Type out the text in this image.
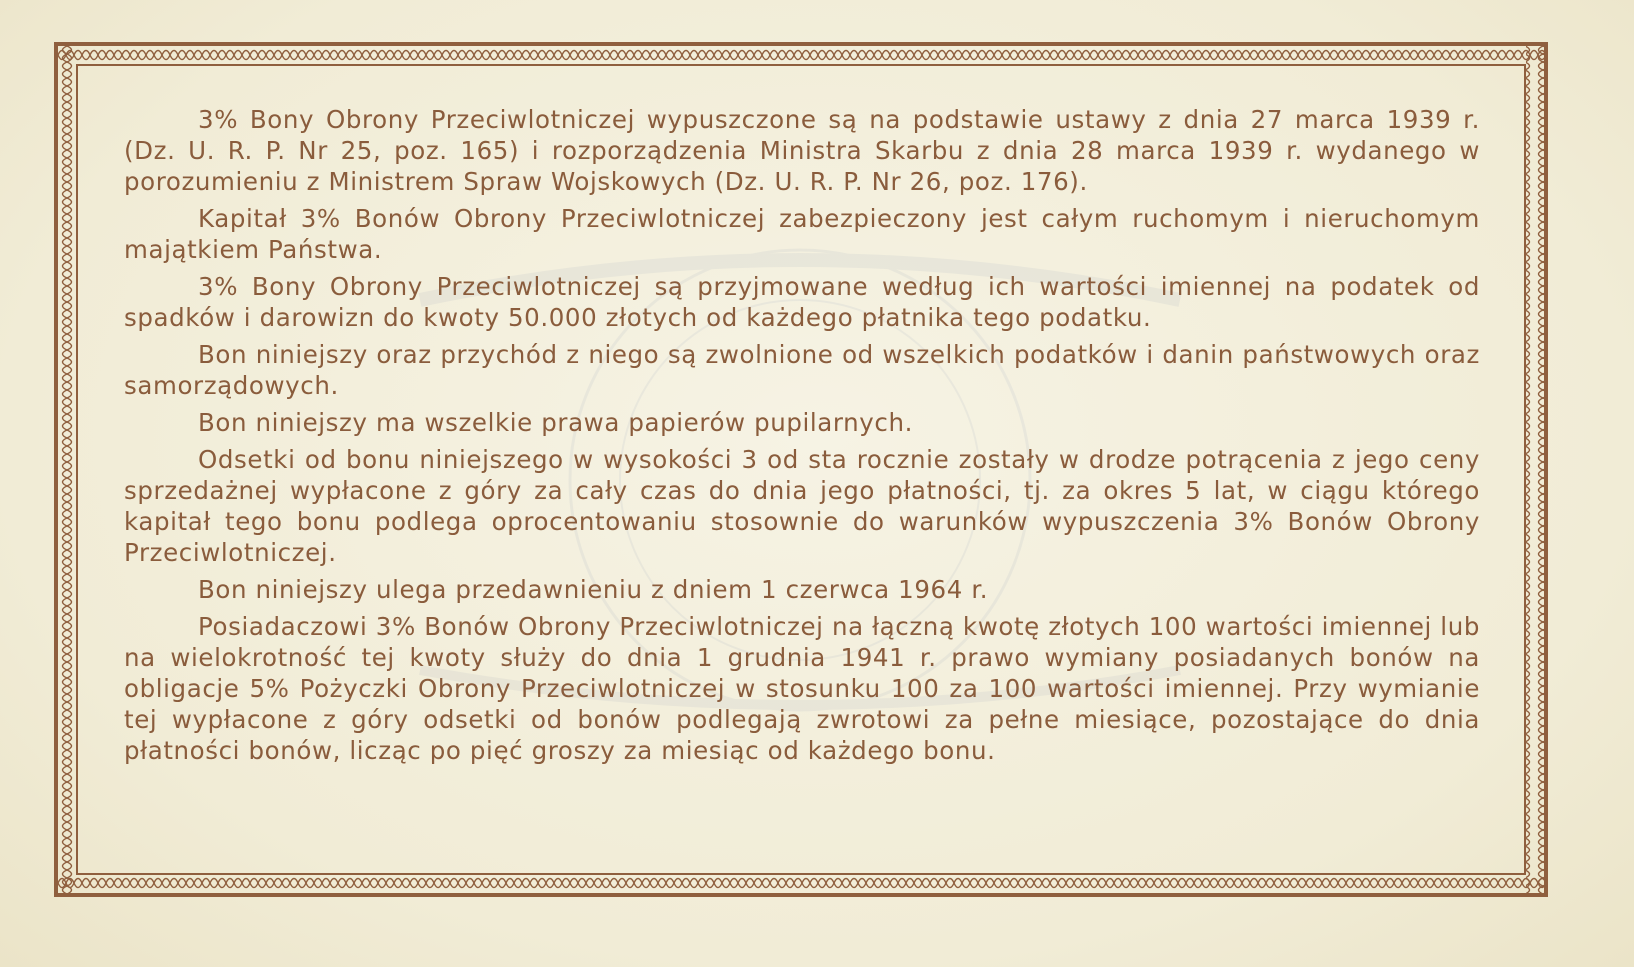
3% Bony Obrony Przeciwlotniczej wypuszczone są na podstawie ustawy z dnia 27 marca 1939 r. (Dz. U. R. P. Nr 25, poz. 165) i rozporządzenia Ministra Skarbu z dnia 28 marca 1939 r. wydanego w porozumieniu z Ministrem Spraw Wojskowych (Dz. U. R. P. Nr 26, poz. 176).

Kapitał 3% Bonów Obrony Przeciwlotniczej zabezpieczony jest całym ruchomym i nieruchomym majątkiem Państwa.

3% Bony Obrony Przeciwlotniczej są przyjmowane według ich wartości imiennej na podatek od spadków i darowizn do kwoty 50.000 złotych od każdego płatnika tego podatku.

Bon niniejszy oraz przychód z niego są zwolnione od wszelkich podatków i danin państwowych oraz samorządowych.

Bon niniejszy ma wszelkie prawa papierów pupilarnych.

Odsetki od bonu niniejszego w wysokości 3 od sta rocznie zostały w drodze potrącenia z jego ceny sprzedażnej wypłacone z góry za cały czas do dnia jego płatności, tj. za okres 5 lat, w ciągu którego kapitał tego bonu podlega oprocentowaniu stosownie do warunków wypuszczenia 3% Bonów Obrony Przeciwlotniczej.

Bon niniejszy ulega przedawnieniu z dniem 1 czerwca 1964 r.

Posiadaczowi 3% Bonów Obrony Przeciwlotniczej na łączną kwotę złotych 100 wartości imiennej lub na wielokrotność tej kwoty służy do dnia 1 grudnia 1941 r. prawo wymiany posiadanych bonów na obligacje 5% Pożyczki Obrony Przeciwlotniczej w stosunku 100 za 100 wartości imiennej. Przy wymianie tej wypłacone z góry odsetki od bonów podlegają zwrotowi za pełne miesiące, pozostające do dnia płatności bonów, licząc po pięć groszy za miesiąc od każdego bonu.
